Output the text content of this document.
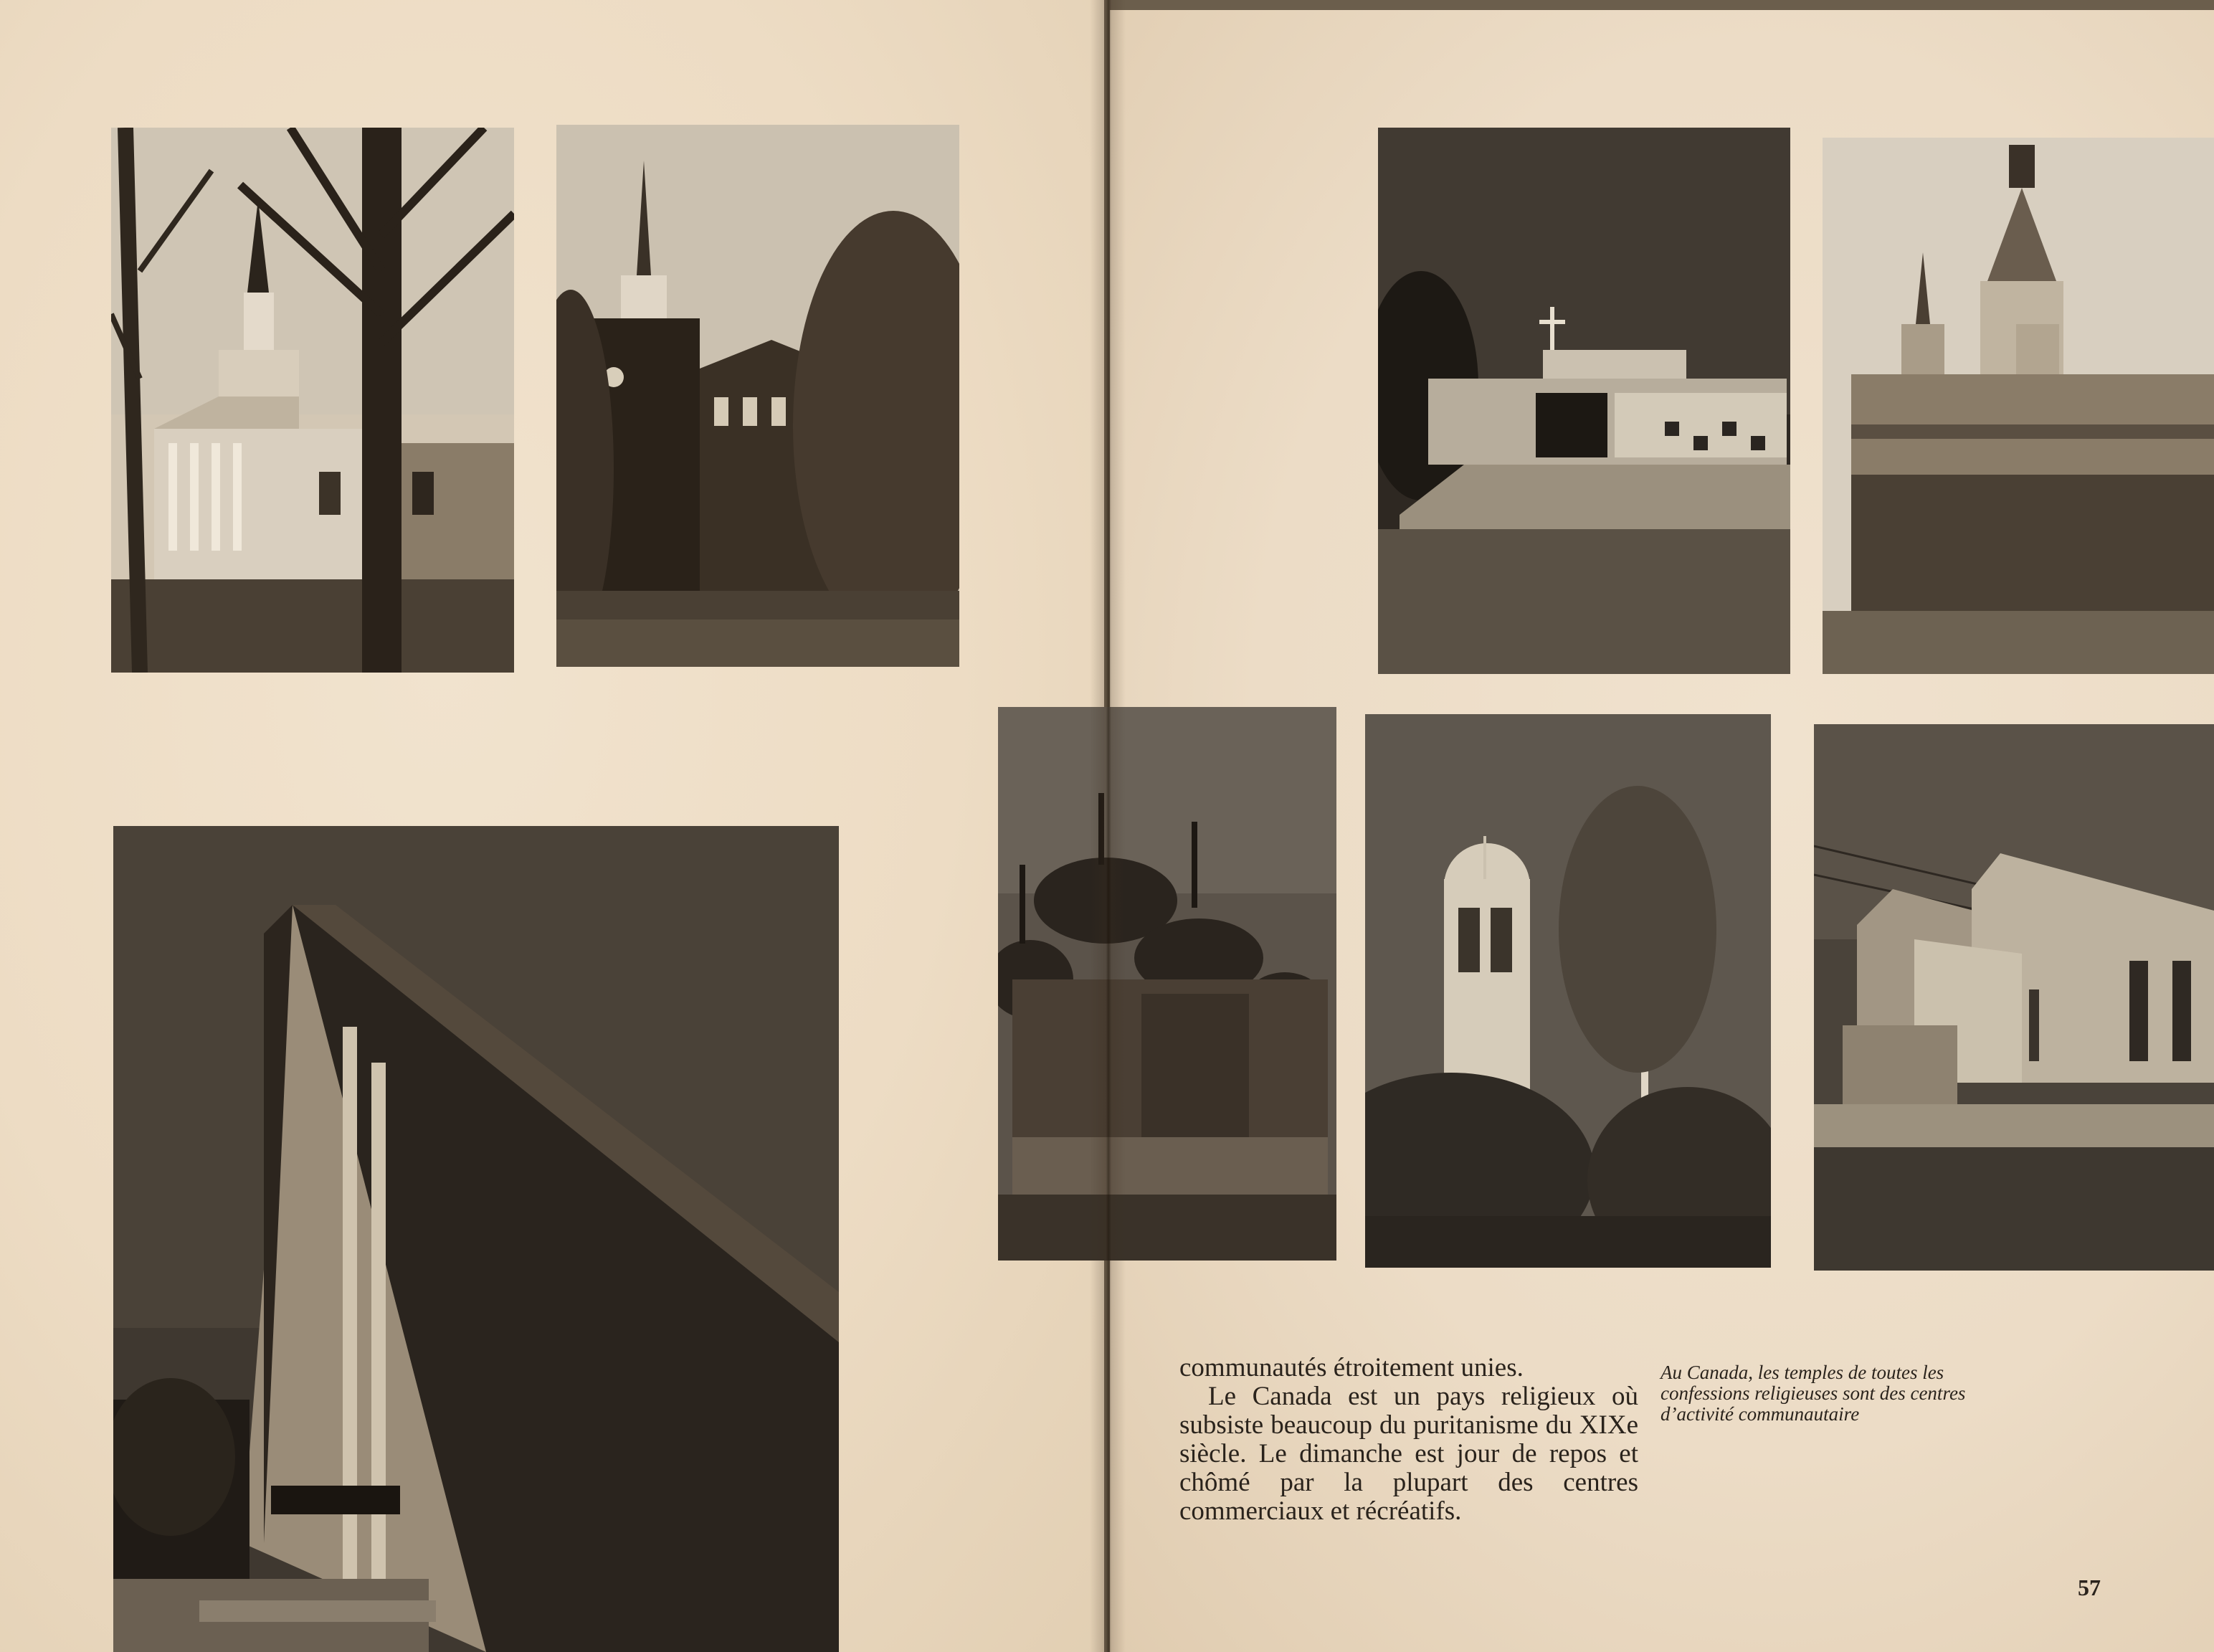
communautés étroitement unies.

Le Canada est un pays religieux où subsiste beaucoup du puritanisme du XIXe siècle. Le dimanche est jour de repos et chômé par la plupart des centres commerciaux et récréatifs.

Au Canada, les temples de toutes les confessions religieuses sont des centres d’activité communautaire
57
